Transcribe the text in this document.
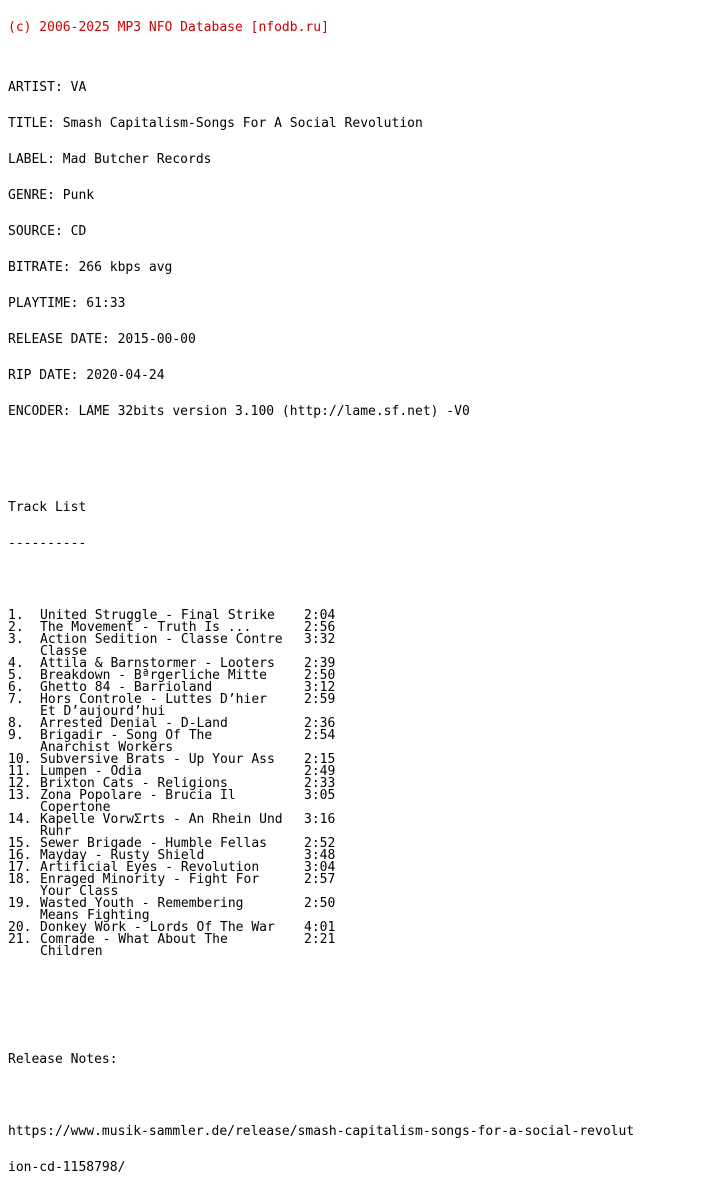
(c) 2006-2025 MP3 NFO Database [nfodb.ru]

ARTIST: VA

TITLE: Smash Capitalism-Songs For A Social Revolution

LABEL: Mad Butcher Records

GENRE: Punk

SOURCE: CD

BITRATE: 266 kbps avg

PLAYTIME: 61:33

RELEASE DATE: 2015-00-00

RIP DATE: 2020-04-24

ENCODER: LAME 32bits version 3.100 (http://lame.sf.net) -V0

Track List

----------

1. United Struggle - Final Strike 2:04
2. The Movement - Truth Is ...	2:56
3. Action Sedition - Classe Contre 3:32
Classe
4. Attila & Barnstormer - Looters 2:39
5. Breakdown - Bªrgerliche Mitte	2:50
6. Ghetto 84 - Barrioland	3:12
7. Hors Controle - Luttes D’hier	2:59
Et D’aujourd’hui
8. Arrested Denial - D-Land	2:36
9. Brigadir - Song Of The	2:54
Anarchist Workers
10. Subversive Brats - Up Your Ass 2:15
11. Lumpen - Odia	2:49
12. Brixton Cats - Religions	2:33
13. Zona Popolare - Brucia Il	3:05
Copertone
14. Kapelle VorwΣrts - An Rhein Und 3:16
Ruhr
15. Sewer Brigade - Humble Fellas	2:52
16. Mayday - Rusty Shield	3:48
17. Artificial Eyes - Revolution	3:04
18. Enraged Minority - Fight For	2:57
Your Class
19. Wasted Youth - Remembering	2:50
Means Fighting
20. Donkey Work - Lords Of The War 4:01
21. Comrade - What About The	2:21
Children

Release Notes:

https://www.musik-sammler.de/release/smash-capitalism-songs-for-a-social-revolut

ion-cd-1158798/
